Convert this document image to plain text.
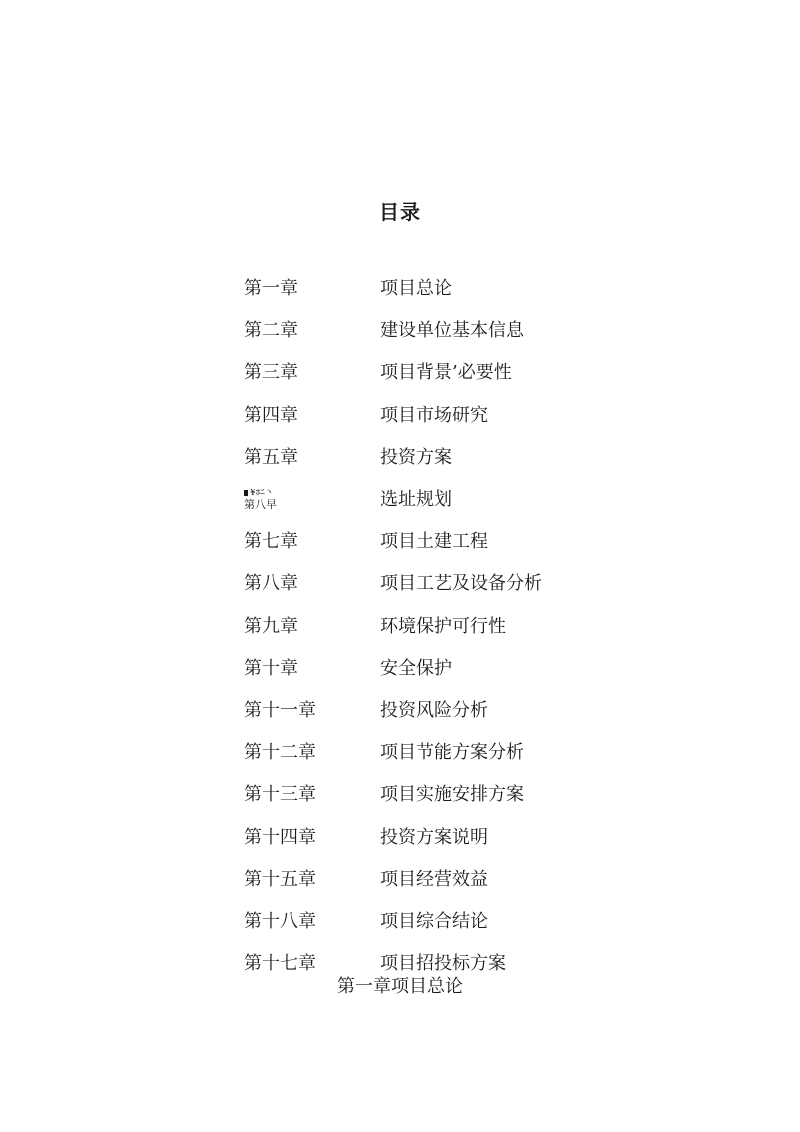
目录
第一章	项目总论
第二章	建设单位基本信息
第三章	项目背景’必要性
第四章	项目市场研究
第五章	投资方案
¥ﾎﾆ丶
第八早	选址规划
第七章	项目土建工程
第八章	项目工艺及设备分析
第九章	环境保护可行性
第十章	安全保护
第十一章	投资风险分析
第十二章	项目节能方案分析
第十三章	项目实施安排方案
第十四章	投资方案说明
第十五章	项目经营效益
第十八章	项目综合结论
第十七章	项目招投标方案
第一章项目总论
